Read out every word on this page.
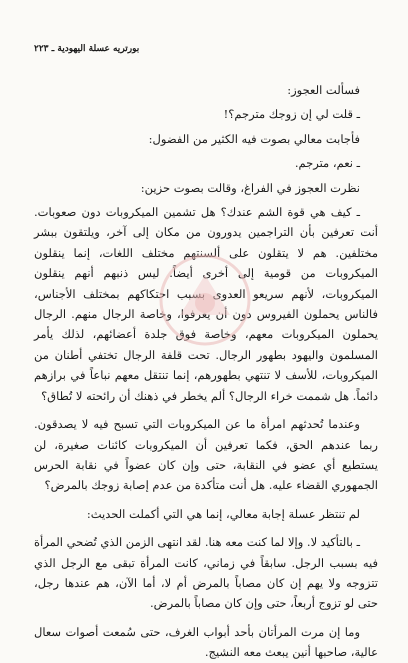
بورتريه عسلة اليهودية ـ ٢٢٣

فسألت العجوز:

ـ قلت لي إن زوجك مترجم؟!

فأجابت معالي بصوت فيه الكثير من الفضول:

ـ نعم، مترجم.

نظرت العجوز في الفراغ، وقالت بصوت حزين:

ـ كيف هي قوة الشم عندك؟ هل تشمين الميكروبات دون صعوبات. أنت تعرفين بأن التراجمين يدورون من مكان إلى آخر، ويلتقون ببشر مختلفين. هم لا يتقلون على ألسنتهم مختلف اللغات، إنما ينقلون الميكروبات من قومية إلى أخرى أيضاً. ليس ذنبهم أنهم ينقلون الميكروبات، لأنهم سريعو العدوى بسبب احتكاكهم بمختلف الأجناس، فالناس يحملون الفيروس دون أن يعرفوا، وخاصة الرجال منهم. الرجال يحملون الميكروبات معهم، وخاصة فوق جلدة أعضائهم، لذلك يأمر المسلمون واليهود بطهور الرجال. تحت قلفة الرجال تختفي أطنان من الميكروبات، للأسف لا تنتهي بطهورهم، إنما تنتقل معهم نباعاً في برازهم دائماً. هل شممت خراء الرجال؟ ألم يخطر في ذهنك أن رائحته لا تُطاق؟

وعندما تُحدثهم امرأة ما عن الميكروبات التي تسبح فيه لا يصدقون. ربما عندهم الحق، فكما تعرفين أن الميكروبات كائنات صغيرة، لن يستطيع أي عضو في النقابة، حتى وإن كان عضواً في نقابة الحرس الجمهوري القضاء عليه. هل أنت متأكدة من عدم إصابة زوجك بالمرض؟

لم تنتظر عسلة إجابة معالي، إنما هي التي أكملت الحديث:

ـ بالتأكيد لا. وإلا لما كنت معه هنا. لقد انتهى الزمن الذي تُضحي المرأة فيه بسبب الرجل. سابقاً في زماني، كانت المرأة تبقى مع الرجل الذي تتزوجه ولا يهم إن كان مصاباً بالمرض أم لا، أما الآن، هم عندها رجل، حتى لو تزوج أربعاً، حتى وإن كان مصاباً بالمرض.

وما إن مرت المرأتان بأحد أبواب الغرف، حتى سُمعت أصوات سعال عالية، صاحبها أنين يبعث معه النشيج.
